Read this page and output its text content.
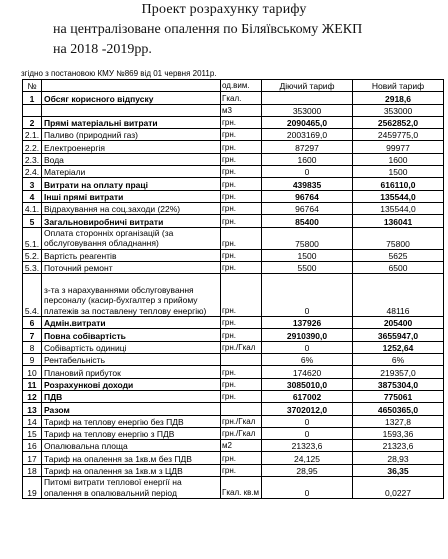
Проект розрахунку тарифу
на централізоване опалення по Біляївському ЖЕКП
на 2018 -2019рр.
згідно з постановою КМУ №869 від 01 червня 2011р.
№		од.вим.	Діючий тариф	Новий тариф
1	Обсяг корисного відпуску	Гкал.		2918,6
		м3	353000	353000
2	Прямі матеріальні витрати	грн.	2090465,0	2562852,0
2.1.	Паливо (природний газ)	грн.	2003169,0	2459775,0
2.2.	Електроенергія	грн.	87297	99977
2.3.	Вода	грн.	1600	1600
2.4.	Матеріали	грн.	0	1500
3	Витрати на оплату праці	грн.	439835	616110,0
4	Інші прямі витрати	грн.	96764	135544,0
4.1.	Відрахування на соц.заходи (22%)	грн.	96764	135544,0
5	Загальновиробничі витрати	грн.	85400	136041
5.1.	Оплата сторонніх організацій (за обслуговування обладнання)	грн.	75800	75800
5.2.	Вартість реагентів	грн.	1500	5625
5.3.	Поточний ремонт	грн.	5500	6500
5.4.	з-та з нарахуваннями обслуговування персоналу (касир-бухгалтер з прийому платежів за поставлену теплову енергію)	грн.	0	48116
6	Адмін.витрати	грн.	137926	205400
7	Повна собівартість	грн.	2910390,0	3655947,0
8	Собівартість одиниці	грн./Гкал	0	1252,64
9	Рентабельність		6%	6%
10	Плановий прибуток	грн.	174620	219357,0
11	Розрахункові доходи	грн.	3085010,0	3875304,0
12	ПДВ	грн.	617002	775061
13	Разом		3702012,0	4650365,0
14	Тариф на теплову енергію без ПДВ	грн./Гкал	0	1327,8
15	Тариф на теплову енергію з ПДВ	грн./Гкал	0	1593,36
16	Опалювальна площа	м2	21323,6	21323,6
17	Тариф на опалення за 1кв.м без ПДВ	грн.	24,125	28,93
18	Тариф на опалення за 1кв.м з ЦДВ	грн.	28,95	36,35
19	Питомі витрати теплової енергії на опалення в опалювальний період	Гкал. кв.м	0	0,0227
